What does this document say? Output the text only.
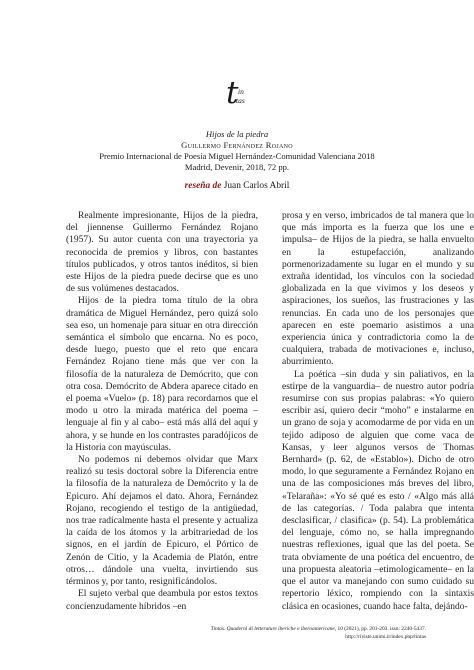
t in
tas
Hijos de la piedra
Guillermo Fernández Rojano
Premio Internacional de Poesía Miguel Hernández-Comunidad Valenciana 2018
Madrid, Devenir, 2018, 72 pp.
reseña de Juan Carlos Abril

Realmente impresionante, Hijos de la piedra, del jiennense Guillermo Fernández Rojano (1957). Su autor cuenta con una trayectoria ya reconocida de premios y libros, con bastantes títulos publicados, y otros tantos inéditos, si bien este Hijos de la piedra puede decirse que es uno de sus volúmenes destacados.

Hijos de la piedra toma título de la obra dramática de Miguel Hernández, pero quizá solo sea eso, un homenaje para situar en otra dirección semántica el símbolo que encarna. No es poco, desde luego, puesto que el reto que encara Fernández Rojano tiene más que ver con la filosofía de la naturaleza de Demócrito, que con otra cosa. Demócrito de Abdera aparece citado en el poema «Vuelo» (p. 18) para recordarnos que el modo u otro la mirada matérica del poema –lenguaje al fin y al cabo– está más allá del aquí y ahora, y se hunde en los contrastes paradójicos de la Historia con mayúsculas.

No podemos ni debemos olvidar que Marx realizó su tesis doctoral sobre la Diferencia entre la filosofía de la naturaleza de Demócrito y la de Epicuro. Ahí dejamos el dato. Ahora, Fernández Rojano, recogiendo el testigo de la antigüedad, nos trae radicalmente hasta el presente y actualiza la caída de los átomos y la arbitrariedad de los signos, en el jardín de Epicuro, el Pórtico de Zenón de Citio, y la Academia de Platón, entre otros… dándole una vuelta, invirtiendo sus términos y, por tanto, resignificándolos.

El sujeto verbal que deambula por estos textos concienzudamente híbridos –en

prosa y en verso, imbricados de tal manera que lo que más importa es la fuerza que los une e impulsa– de Hijos de la piedra, se halla envuelto en la estupefacción, analizando pormenorizadamente su lugar en el mundo y su extraña identidad, los vínculos con la sociedad globalizada en la que vivimos y los deseos y aspiraciones, los sueños, las frustraciones y las renuncias. En cada uno de los personajes que aparecen en este poemario asistimos a una experiencia única y contradictoria como la de cualquiera, trabada de motivaciones e, incluso, aburrimiento.

La poética –sin duda y sin paliativos, en la estirpe de la vanguardia– de nuestro autor podría resumirse con sus propias palabras: «Yo quiero escribir así, quiero decir “moho” e instalarme en un grano de soja y acomodarme de por vida en un tejido adiposo de alguien que come vaca de Kansas, y leer algunos versos de Thomas Bernhard» (p. 62, de «Establo»). Dicho de otro modo, lo que seguramente a Fernández Rojano en una de las composiciones más breves del libro, «Telaraña»: «Yo sé qué es esto / «Algo más allá de las categorías. / Toda palabra que intenta desclasificar, / clasifica» (p. 54). La problemática del lenguaje, cómo no, se halla impregnando nuestras reflexiones, igual que las del poeta. Se trata obviamente de una poética del encuentro, de una propuesta aleatoria –etimologicamente– en la que el autor va manejando con sumo cuidado su repertorio léxico, rompiendo con la sintaxis clásica en ocasiones, cuando hace falta, dejándo-

Tintas. Quaderni di letterature iberiche e iberoamericane, 10 (2021), pp. 201-203. issn: 2240-5437.
http://riviste.unimi.it/index.php/tintas
